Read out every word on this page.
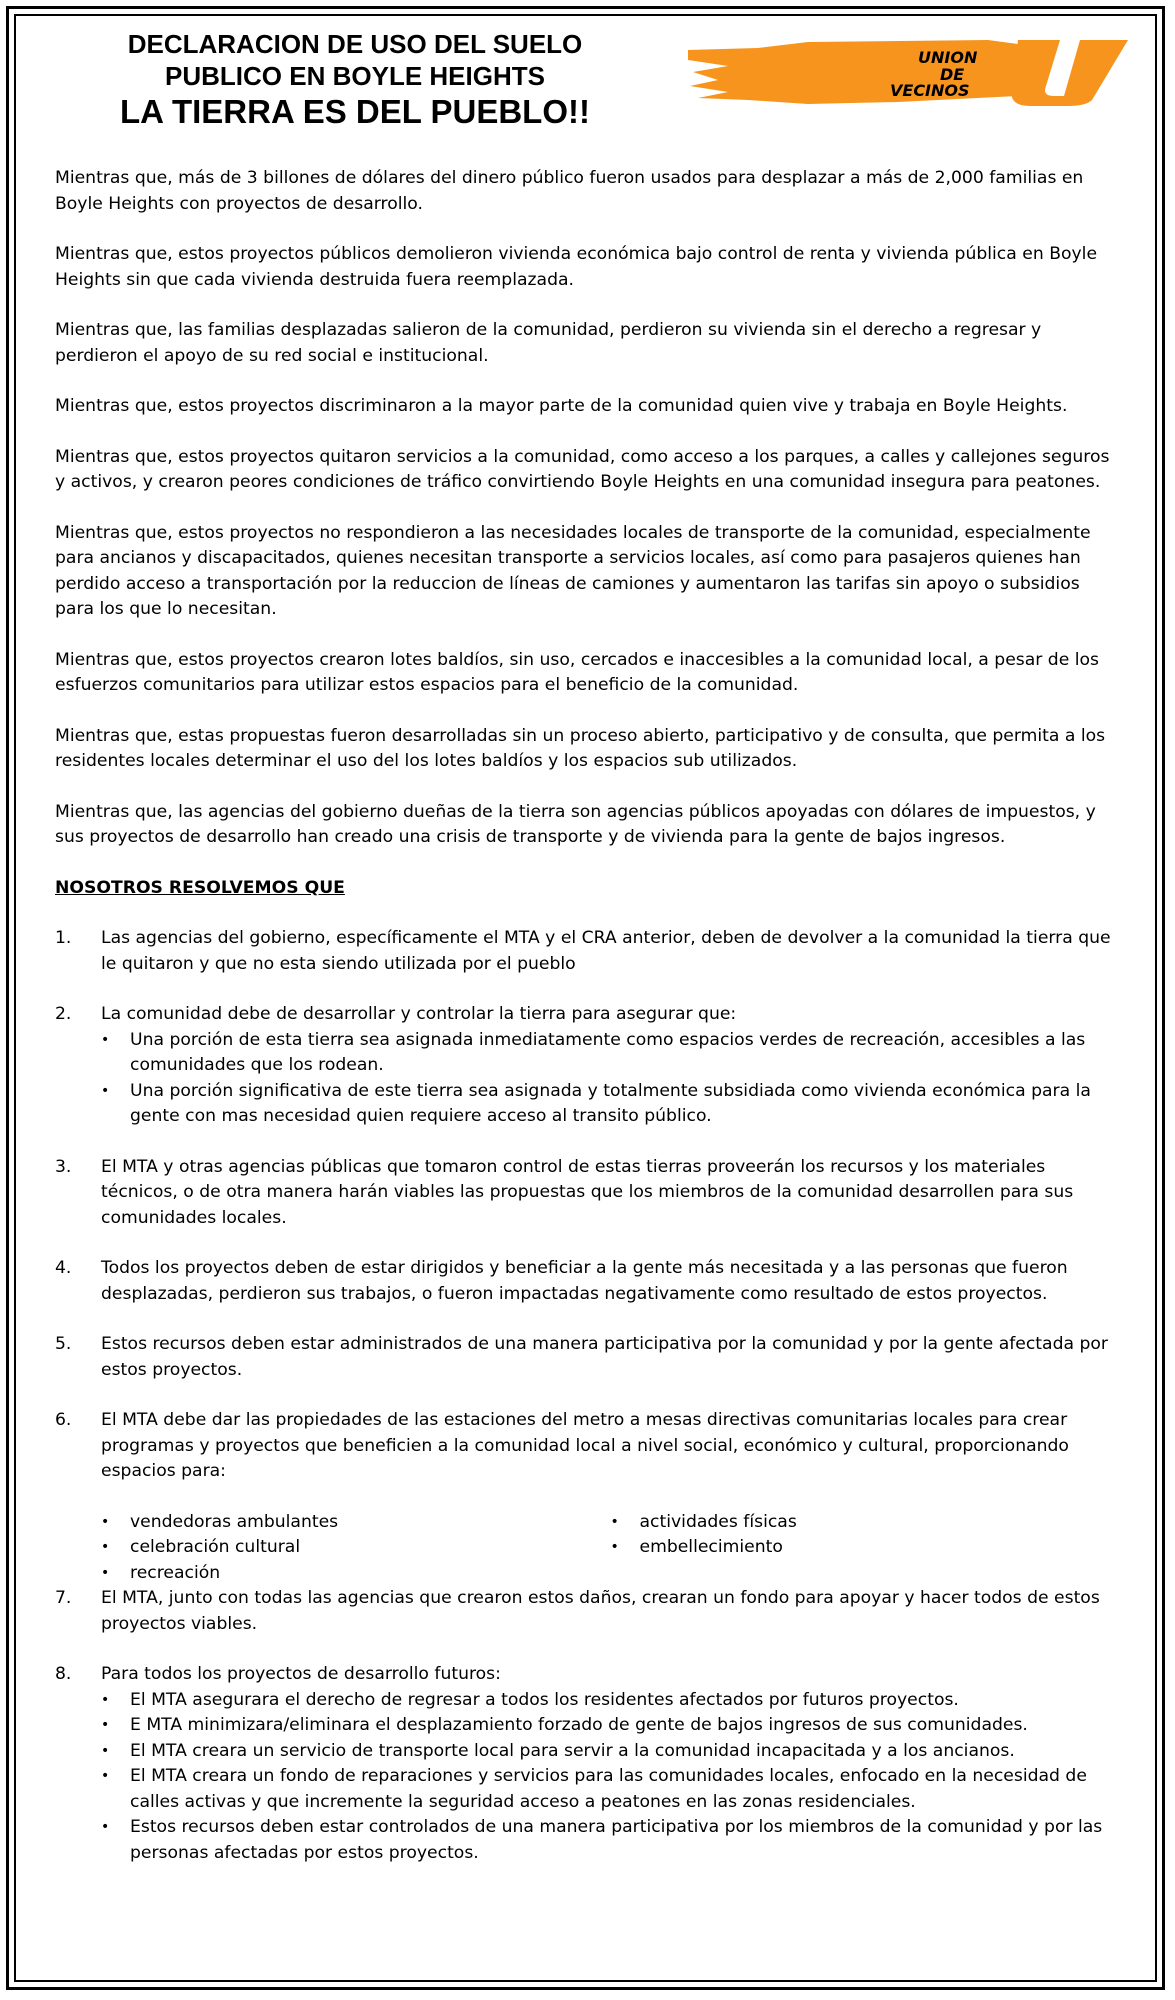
DECLARACION DE USO DEL SUELO
PUBLICO EN BOYLE HEIGHTS
LA TIERRA ES DEL PUEBLO!!
UNION
DE
VECINOS

Mientras que, más de 3 billones de dólares del dinero público fueron usados para desplazar a más de 2,000 familias en Boyle Heights con proyectos de desarrollo.

Mientras que, estos proyectos públicos demolieron vivienda económica bajo control de renta y vivienda pública en Boyle Heights sin que cada vivienda destruida fuera reemplazada.

Mientras que, las familias desplazadas salieron de la comunidad, perdieron su vivienda sin el derecho a regresar y perdieron el apoyo de su red social e institucional.

Mientras que, estos proyectos discriminaron a la mayor parte de la comunidad quien vive y trabaja en Boyle Heights.

Mientras que, estos proyectos quitaron servicios a la comunidad, como acceso a los parques, a calles y callejones seguros y activos, y crearon peores condiciones de tráfico convirtiendo Boyle Heights en una comunidad insegura para peatones.

Mientras que, estos proyectos no respondieron a las necesidades locales de transporte de la comunidad, especialmente para ancianos y discapacitados, quienes necesitan transporte a servicios locales, así como para pasajeros quienes han perdido acceso a transportación por la reduccion de líneas de camiones y aumentaron las tarifas sin apoyo o subsidios para los que lo necesitan.

Mientras que, estos proyectos crearon lotes baldíos, sin uso, cercados e inaccesibles a la comunidad local, a pesar de los esfuerzos comunitarios para utilizar estos espacios para el beneficio de la comunidad.

Mientras que, estas propuestas fueron desarrolladas sin un proceso abierto, participativo y de consulta, que permita a los residentes locales determinar el uso del los lotes baldíos y los espacios sub utilizados.

Mientras que, las agencias del gobierno dueñas de la tierra son agencias públicos apoyadas con dólares de impuestos, y sus proyectos de desarrollo han creado una crisis de transporte y de vivienda para la gente de bajos ingresos.

NOSOTROS RESOLVEMOS QUE

1.	Las agencias del gobierno, específicamente el MTA y el CRA anterior, deben de devolver a la comunidad la tierra que le quitaron y que no esta siendo utilizada por el pueblo
2.	La comunidad debe de desarrollar y controlar la tierra para asegurar que:
•	Una porción de esta tierra sea asignada inmediatamente como espacios verdes de recreación, accesibles a las comunidades que los rodean.
•	Una porción significativa de este tierra sea asignada y totalmente subsidiada como vivienda económica para la gente con mas necesidad quien requiere acceso al transito público.
3.	El MTA y otras agencias públicas que tomaron control de estas tierras proveerán los recursos y los materiales técnicos, o de otra manera harán viables las propuestas que los miembros de la comunidad desarrollen para sus comunidades locales.
4.	Todos los proyectos deben de estar dirigidos y beneficiar a la gente más necesitada y a las personas que fueron desplazadas, perdieron sus trabajos, o fueron impactadas negativamente como resultado de estos proyectos.
5.	Estos recursos deben estar administrados de una manera participativa por la comunidad y por la gente afectada por estos proyectos.
6.	El MTA debe dar las propiedades de las estaciones del metro a mesas directivas comunitarias locales para crear programas y proyectos que beneficien a la comunidad local a nivel social, económico y cultural, proporcionando espacios para:
•	vendedoras ambulantes
•	celebración cultural
•	recreación
•	actividades físicas
•	embellecimiento
7.	El MTA, junto con todas las agencias que crearon estos daños, crearan un fondo para apoyar y hacer todos de estos proyectos viables.
8.	Para todos los proyectos de desarrollo futuros:
•	El MTA asegurara el derecho de regresar a todos los residentes afectados por futuros proyectos.
•	E MTA minimizara/eliminara el desplazamiento forzado de gente de bajos ingresos de sus comunidades.
•	El MTA creara un servicio de transporte local para servir a la comunidad incapacitada y a los ancianos.
•	El MTA creara un fondo de reparaciones y servicios para las comunidades locales, enfocado en la necesidad de calles activas y que incremente la seguridad acceso a peatones en las zonas residenciales.
•	Estos recursos deben estar controlados de una manera participativa por los miembros de la comunidad y por las personas afectadas por estos proyectos.
